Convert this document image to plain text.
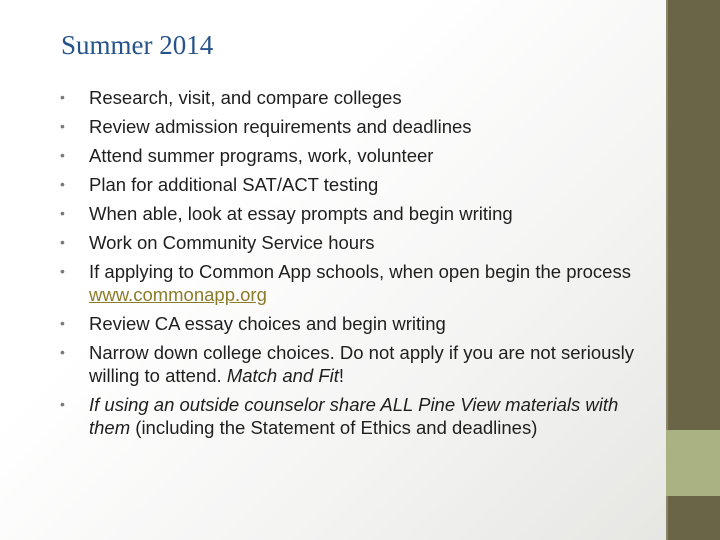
Summer 2014
• Research, visit, and compare colleges
• Review admission requirements and deadlines
• Attend summer programs, work, volunteer
• Plan for additional SAT/ACT testing
• When able, look at essay prompts and begin writing
• Work on Community Service hours
• If applying to Common App schools, when open begin the process www.commonapp.org
• Review CA essay choices and begin writing
• Narrow down college choices. Do not apply if you are not seriously willing to attend. Match and Fit!
• If using an outside counselor share ALL Pine View materials with them (including the Statement of Ethics and deadlines)
